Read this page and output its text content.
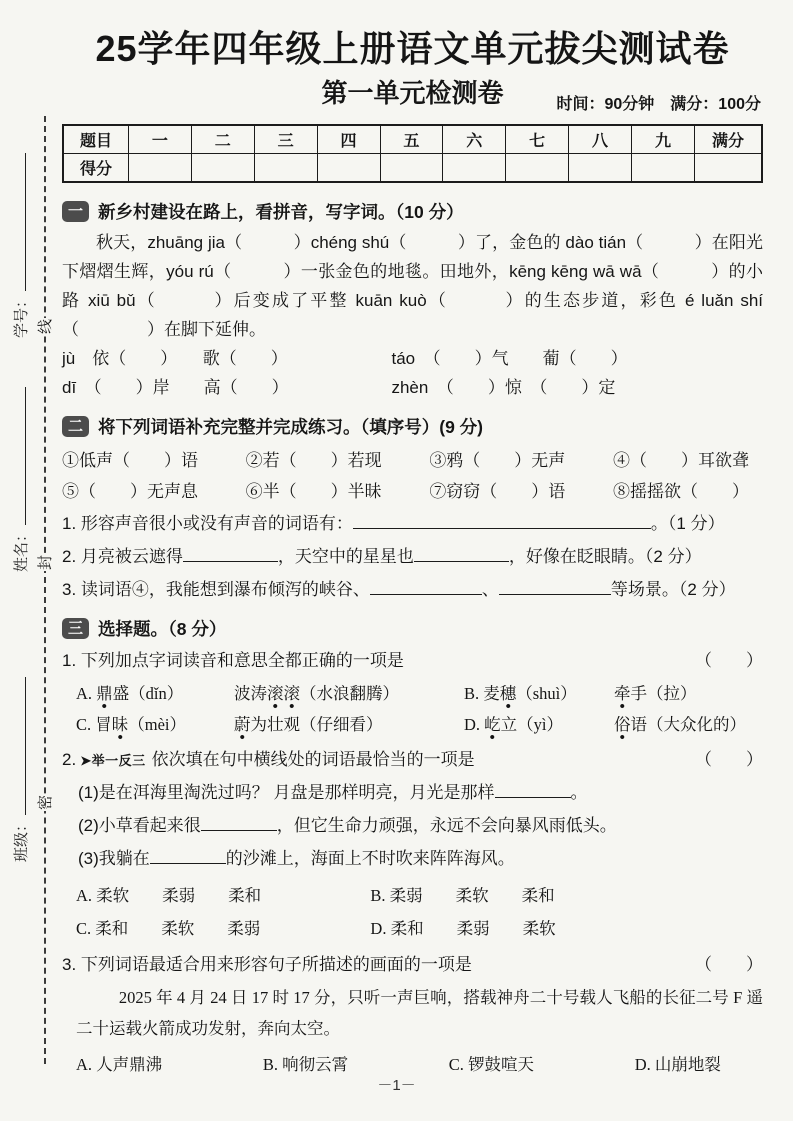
线
封
密
学号：
姓名：
班级：
25学年四年级上册语文单元拔尖测试卷
第一单元检测卷	时间：90分钟　满分：100分
题目	一	二	三	四	五	六	七	八	九	满分
得分										
一 新乡村建设在路上，看拼音，写字词。（10 分）
秋天，zhuāng jia（　　　）chéng shú（　　　）了，金色的 dào tián（　　　）在阳光下熠熠生辉，yóu rú（　　　）一张金色的地毯。田地外，kēng kēng wā wā（　　　）的小路 xiū bǔ（　　　）后变成了平整 kuān kuò（　　　）的生态步道，彩色 é luǎn shí（　　　　）在脚下延伸。
jù　依（　　）　　歌（　　）	táo　（　　）气　　葡（　　）
dī　（　　）岸　　高（　　）	zhèn　（　　）惊　（　　）定
二 将下列词语补充完整并完成练习。（填序号）(9 分)
①低声（　　）语	②若（　　）若现	③鸦（　　）无声	④（　　）耳欲聋
⑤（　　）无声息	⑥半（　　）半昧	⑦窃窃（　　）语	⑧摇摇欲（　　）
1. 形容声音很小或没有声音的词语有：	。（1 分）
2. 月亮被云遮得	，天空中的星星也	，好像在眨眼睛。（2 分）
3. 读词语④，我能想到瀑布倾泻的峡谷、	、	等场景。（2 分）
三 选择题。（8 分）
1. 下列加点字词读音和意思全都正确的一项是	（　　）
A. 鼎盛（dǐn）	波涛滚滚（水浪翻腾）	B. 麦穗（shuì）	牵手（拉）
C. 冒昧（mèi）	蔚为壮观（仔细看）	D. 屹立（yì）	俗语（大众化的）
2. ➤举一反三 依次填在句中横线处的词语最恰当的一项是	（　　）
(1)是在洱海里淘洗过吗？ 月盘是那样明亮，月光是那样	。
(2)小草看起来很	，但它生命力顽强，永远不会向暴风雨低头。
(3)我躺在	的沙滩上，海面上不时吹来阵阵海风。
A. 柔软　　柔弱　　柔和	B. 柔弱　　柔软　　柔和
C. 柔和　　柔软　　柔弱	D. 柔和　　柔弱　　柔软
3. 下列词语最适合用来形容句子所描述的画面的一项是	（　　）
2025 年 4 月 24 日 17 时 17 分，只听一声巨响，搭载神舟二十号载人飞船的长征二号 F 遥二十运载火箭成功发射，奔向太空。
A. 人声鼎沸	B. 响彻云霄	C. 锣鼓喧天	D. 山崩地裂
－1－
